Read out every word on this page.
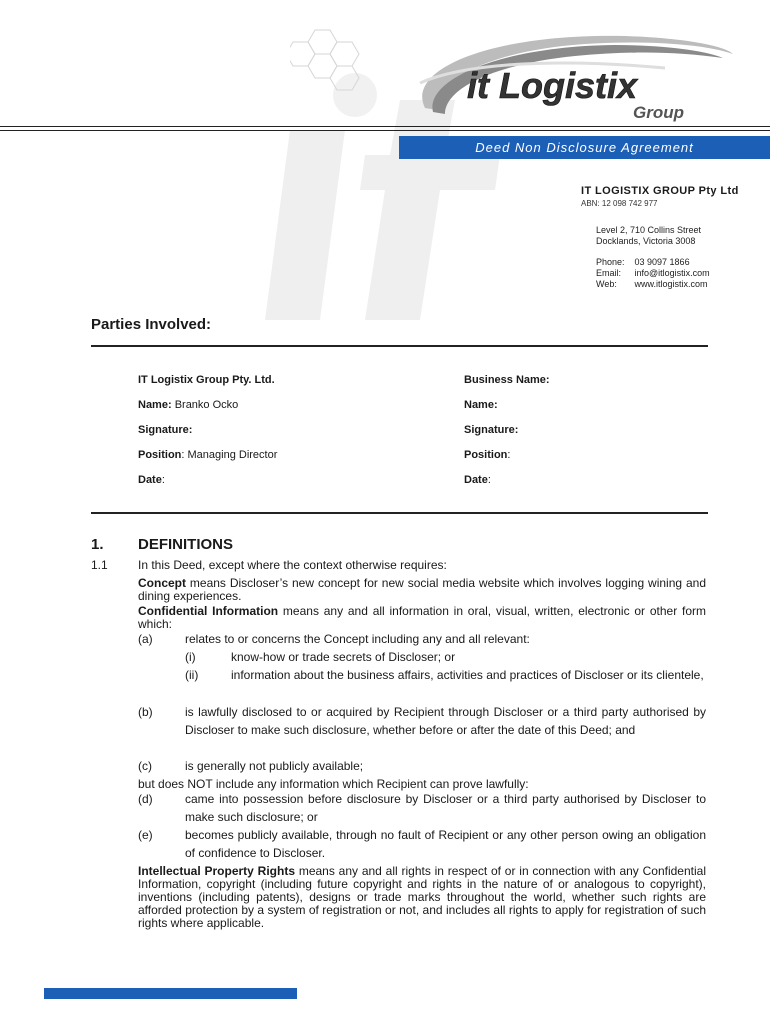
it Logistix
Group
Deed Non Disclosure Agreement
IT LOGISTIX GROUP Pty Ltd
ABN: 12 098 742 977
Level 2, 710 Collins Street
Docklands, Victoria 3008
Phone: 03 9097 1866
Email: info@itlogistix.com
Web: www.itlogistix.com
Parties Involved:
IT Logistix Group Pty. Ltd.
Name: Branko Ocko
Signature:
Position: Managing Director
Date:
Business Name:
Name:
Signature:
Position:
Date:
1. DEFINITIONS
1.1	In this Deed, except where the context otherwise requires:
Concept means Discloser’s new concept for new social media website which involves logging wining and dining experiences.
Confidential Information means any and all information in oral, visual, written, electronic or other form which:
(a)	relates to or concerns the Concept including any and all relevant:
(i)	know-how or trade secrets of Discloser; or
(ii)	information about the business affairs, activities and practices of Discloser or its clientele,
(b)	is lawfully disclosed to or acquired by Recipient through Discloser or a third party authorised by Discloser to make such disclosure, whether before or after the date of this Deed; and
(c)	is generally not publicly available;
but does NOT include any information which Recipient can prove lawfully:
(d)	came into possession before disclosure by Discloser or a third party authorised by Discloser to make such disclosure; or
(e)	becomes publicly available, through no fault of Recipient or any other person owing an obligation of confidence to Discloser.
Intellectual Property Rights means any and all rights in respect of or in connection with any Confidential Information, copyright (including future copyright and rights in the nature of or analogous to copyright), inventions (including patents), designs or trade marks throughout the world, whether such rights are afforded protection by a system of registration or not, and includes all rights to apply for registration of such rights where applicable.
